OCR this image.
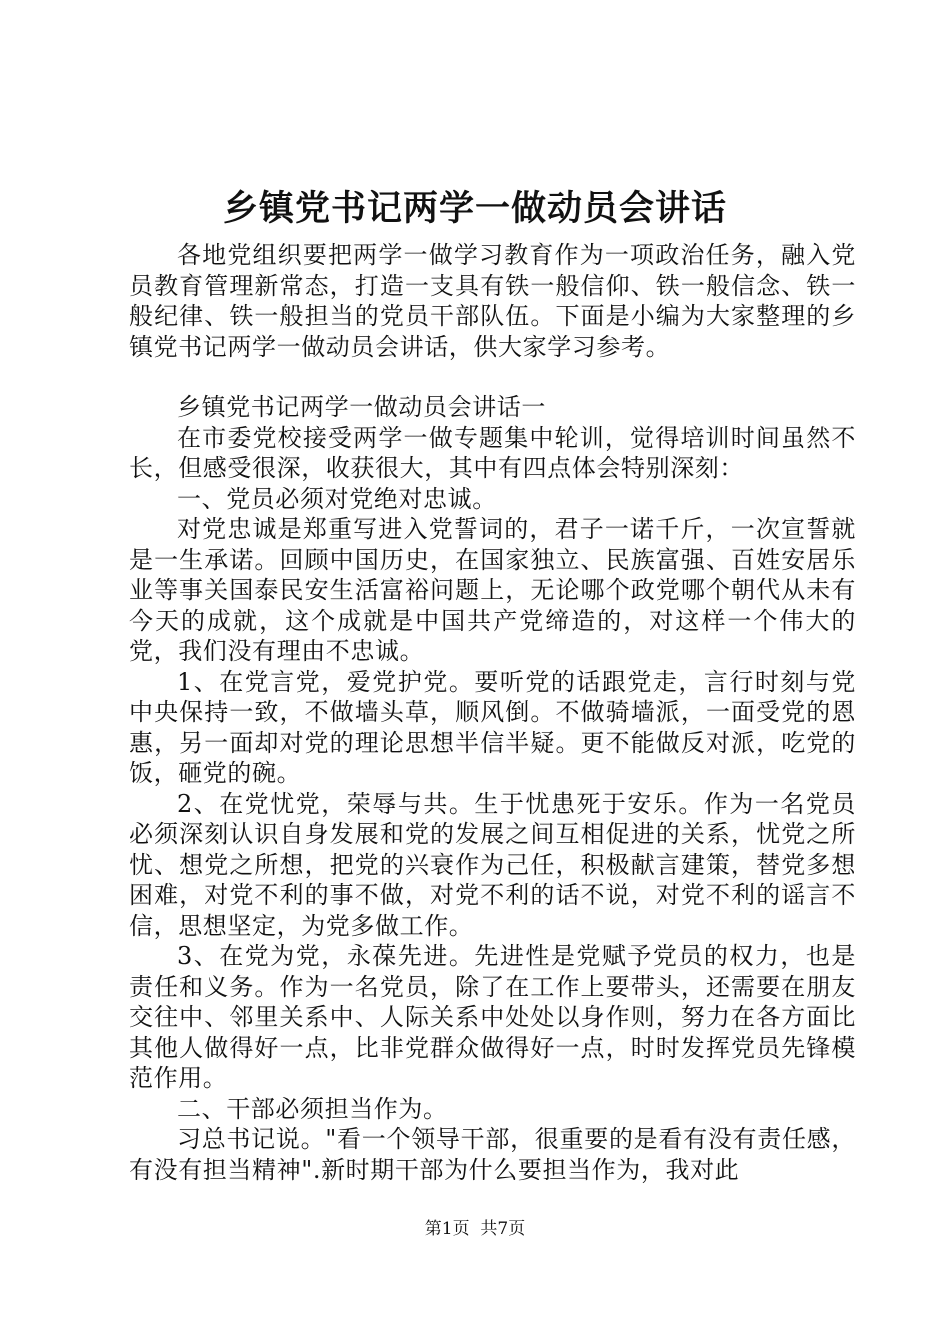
乡镇党书记两学一做动员会讲话

各地党组织要把两学一做学习教育作为一项政治任务，融入党员教育管理新常态，打造一支具有铁一般信仰、铁一般信念、铁一般纪律、铁一般担当的党员干部队伍。下面是小编为大家整理的乡镇党书记两学一做动员会讲话，供大家学习参考。

乡镇党书记两学一做动员会讲话一

在市委党校接受两学一做专题集中轮训，觉得培训时间虽然不长，但感受很深，收获很大，其中有四点体会特别深刻：

一、党员必须对党绝对忠诚。

对党忠诚是郑重写进入党誓词的，君子一诺千斤，一次宣誓就是一生承诺。回顾中国历史，在国家独立、民族富强、百姓安居乐业等事关国泰民安生活富裕问题上，无论哪个政党哪个朝代从未有今天的成就，这个成就是中国共产党缔造的，对这样一个伟大的党，我们没有理由不忠诚。

1、在党言党，爱党护党。要听党的话跟党走，言行时刻与党中央保持一致，不做墙头草，顺风倒。不做骑墙派，一面受党的恩惠，另一面却对党的理论思想半信半疑。更不能做反对派，吃党的饭，砸党的碗。

2、在党忧党，荣辱与共。生于忧患死于安乐。作为一名党员必须深刻认识自身发展和党的发展之间互相促进的关系，忧党之所忧、想党之所想，把党的兴衰作为己任，积极献言建策，替党多想困难，对党不利的事不做，对党不利的话不说，对党不利的谣言不信，思想坚定，为党多做工作。

3、在党为党，永葆先进。先进性是党赋予党员的权力，也是责任和义务。作为一名党员，除了在工作上要带头，还需要在朋友交往中、邻里关系中、人际关系中处处以身作则，努力在各方面比其他人做得好一点，比非党群众做得好一点，时时发挥党员先锋模范作用。

二、干部必须担当作为。

习总书记说。"看一个领导干部，很重要的是看有没有责任感，有没有担当精神".新时期干部为什么要担当作为，我对此

第1页 共7页
